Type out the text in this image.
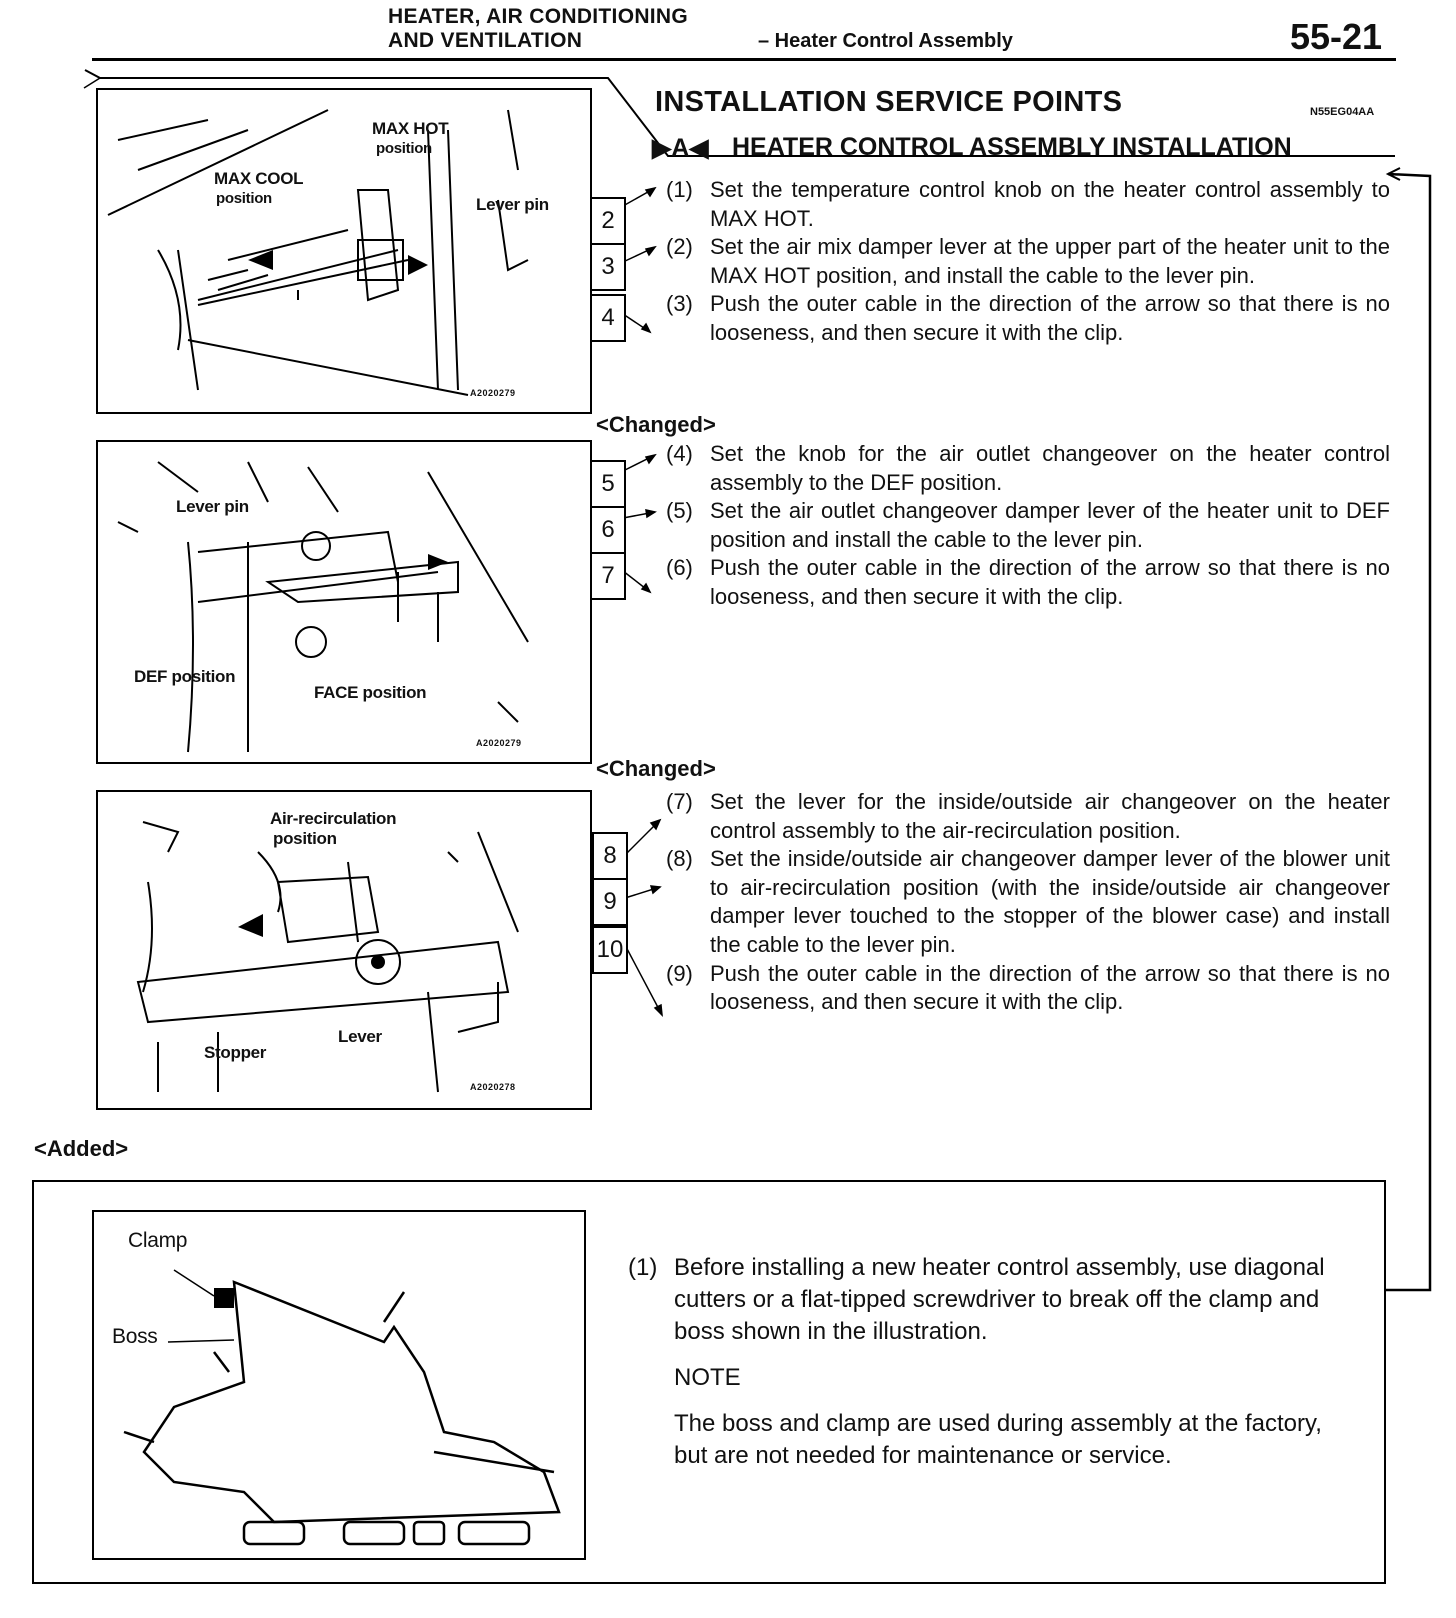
HEATER, AIR CONDITIONING
AND VENTILATION	– Heater Control Assembly	55-21
INSTALLATION SERVICE POINTS	N55EG04AA
▶A◀ HEATER CONTROL ASSEMBLY INSTALLATION
MAX HOT
position
MAX COOL
position	Lever pin
A2020279
Lever pin
DEF position
FACE position
A2020279
Air-recirculation
position
Stopper
Lever
A2020278
2
3
4
5
6
7
8
9
10

(1) Set the temperature control knob on the heater control assembly to MAX HOT.

(2) Set the air mix damper lever at the upper part of the heater unit to the MAX HOT position, and install the cable to the lever pin.

(3) Push the outer cable in the direction of the arrow so that there is no looseness, and then secure it with the clip.

<Changed>

(4) Set the knob for the air outlet changeover on the heater control assembly to the DEF position.

(5) Set the air outlet changeover damper lever of the heater unit to DEF position and install the cable to the lever pin.

(6) Push the outer cable in the direction of the arrow so that there is no looseness, and then secure it with the clip.

<Changed>

(7) Set the lever for the inside/outside air changeover on the heater control assembly to the air-recirculation position.

(8) Set the inside/outside air changeover damper lever of the blower unit to air-recirculation position (with the inside/outside air changeover damper lever touched to the stopper of the blower case) and install the cable to the lever pin.

(9) Push the outer cable in the direction of the arrow so that there is no looseness, and then secure it with the clip.

<Added>
Clamp
Boss
(1) Before installing a new heater control assembly, use diagonal cutters or a flat-tipped screwdriver to break off the clamp and boss shown in the illustration.
NOTE
The boss and clamp are used during assembly at the factory, but are not needed for maintenance or service.
